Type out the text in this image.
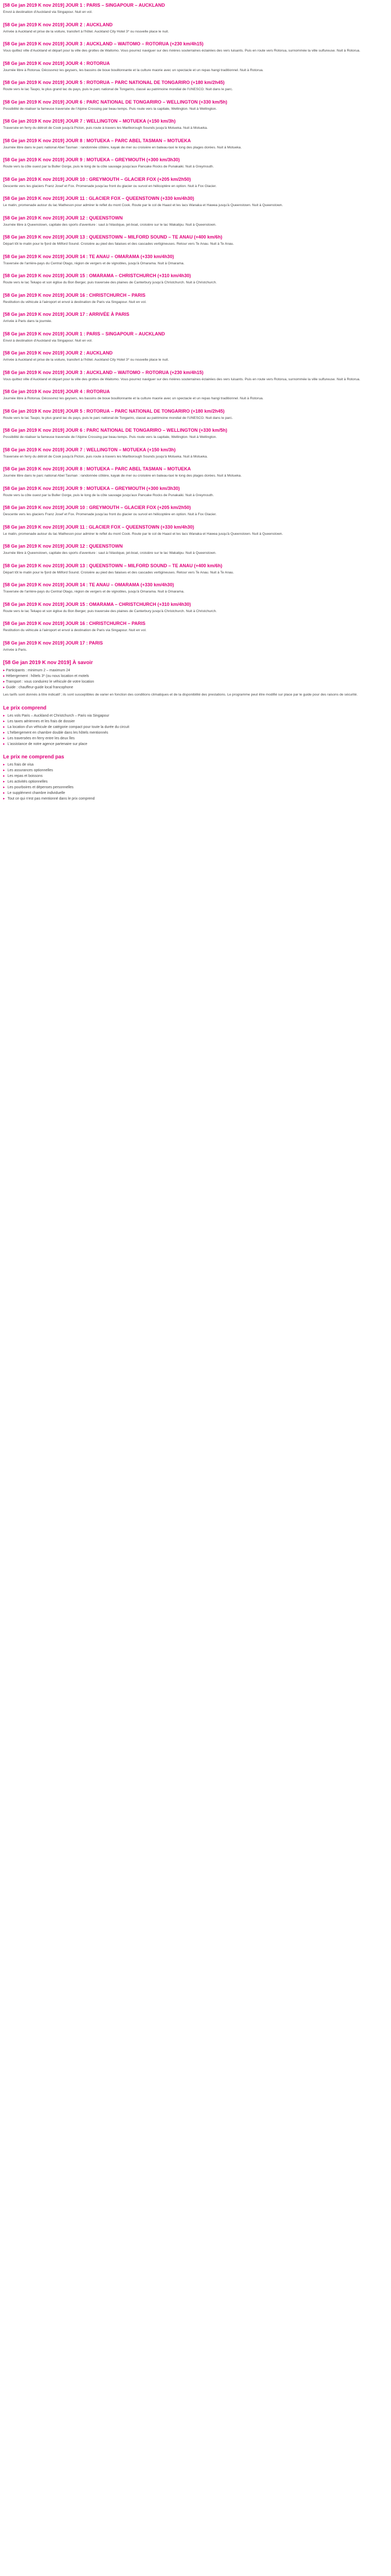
[58 Ge jan 2019 K nov 2019] JOUR 1 : PARIS – SINGAPOUR – AUCKLAND
Envol à destination d'Auckland via Singapour. Nuit en vol.
[58 Ge jan 2019 K nov 2019] JOUR 2 : AUCKLAND
Arrivée à Auckland et prise de la voiture, transfert à l'hôtel. Auckland City Hotel 3* ou nouvelle place le nuit.
[58 Ge jan 2019 K nov 2019] JOUR 3 : AUCKLAND – WAITOMO – ROTORUA (+230 km/4h15)
Vous quittez ville d'Auckland et départ pour la ville des grottes de Waitomo. Vous pourrez naviguer sur des rivières souterraines éclairées des vers luisants. Puis en route vers Rotorua, surnommée la ville sulfureuse. Nuit à Rotorua.
[58 Ge jan 2019 K nov 2019] JOUR 4 : ROTORUA
Journée libre à Rotorua. Découvrez les geysers, les bassins de boue bouillonnante et la culture maorie avec un spectacle et un repas hangi traditionnel. Nuit à Rotorua.
[58 Ge jan 2019 K nov 2019] JOUR 5 : ROTORUA – PARC NATIONAL DE TONGARIRO (+180 km/2h45)
Route vers le lac Taupo, le plus grand lac du pays, puis le parc national de Tongariro, classé au patrimoine mondial de l'UNESCO. Nuit dans le parc.
[58 Ge jan 2019 K nov 2019] JOUR 6 : PARC NATIONAL DE TONGARIRO – WELLINGTON (+330 km/5h)
Possibilité de réaliser la fameuse traversée de l'Alpine Crossing par beau temps. Puis route vers la capitale, Wellington. Nuit à Wellington.
[58 Ge jan 2019 K nov 2019] JOUR 7 : WELLINGTON – MOTUEKA (+150 km/3h)
Traversée en ferry du détroit de Cook jusqu'à Picton, puis route à travers les Marlborough Sounds jusqu'à Motueka. Nuit à Motueka.
[58 Ge jan 2019 K nov 2019] JOUR 8 : MOTUEKA – PARC ABEL TASMAN – MOTUEKA
Journée libre dans le parc national Abel Tasman : randonnée côtière, kayak de mer ou croisière en bateau-taxi le long des plages dorées. Nuit à Motueka.
[58 Ge jan 2019 K nov 2019] JOUR 9 : MOTUEKA – GREYMOUTH (+300 km/3h30)
Route vers la côte ouest par la Buller Gorge, puis le long de la côte sauvage jusqu'aux Pancake Rocks de Punakaiki. Nuit à Greymouth.
[58 Ge jan 2019 K nov 2019] JOUR 10 : GREYMOUTH – GLACIER FOX (+205 km/2h50)
Descente vers les glaciers Franz Josef et Fox. Promenade jusqu'au front du glacier ou survol en hélicoptère en option. Nuit à Fox Glacier.
[58 Ge jan 2019 K nov 2019] JOUR 11 : GLACIER FOX – QUEENSTOWN (+330 km/4h30)
Le matin, promenade autour du lac Matheson pour admirer le reflet du mont Cook. Route par le col de Haast et les lacs Wanaka et Hawea jusqu'à Queenstown. Nuit à Queenstown.
[58 Ge jan 2019 K nov 2019] JOUR 12 : QUEENSTOWN
Journée libre à Queenstown, capitale des sports d'aventure : saut à l'élastique, jet-boat, croisière sur le lac Wakatipu. Nuit à Queenstown.
[58 Ge jan 2019 K nov 2019] JOUR 13 : QUEENSTOWN – MILFORD SOUND – TE ANAU (+400 km/6h)
Départ tôt le matin pour le fjord de Milford Sound. Croisière au pied des falaises et des cascades vertigineuses. Retour vers Te Anau. Nuit à Te Anau.
[58 Ge jan 2019 K nov 2019] JOUR 14 : TE ANAU – OMARAMA (+330 km/4h30)
Traversée de l'arrière-pays du Central Otago, région de vergers et de vignobles, jusqu'à Omarama. Nuit à Omarama.
[58 Ge jan 2019 K nov 2019] JOUR 15 : OMARAMA – CHRISTCHURCH (+310 km/4h30)
Route vers le lac Tekapo et son église du Bon Berger, puis traversée des plaines de Canterbury jusqu'à Christchurch. Nuit à Christchurch.
[58 Ge jan 2019 K nov 2019] JOUR 16 : CHRISTCHURCH – PARIS
Restitution du véhicule à l'aéroport et envol à destination de Paris via Singapour. Nuit en vol.
[58 Ge jan 2019 K nov 2019] JOUR 17 : ARRIVÉE À PARIS
Arrivée à Paris dans la journée.
[58 Ge jan 2019 K nov 2019] JOUR 1 : PARIS – SINGAPOUR – AUCKLAND
Envol à destination d'Auckland via Singapour. Nuit en vol.
[58 Ge jan 2019 K nov 2019] JOUR 2 : AUCKLAND
Arrivée à Auckland et prise de la voiture, transfert à l'hôtel. Auckland City Hotel 3* ou nouvelle place le nuit.
[58 Ge jan 2019 K nov 2019] JOUR 3 : AUCKLAND – WAITOMO – ROTORUA (+230 km/4h15)
Vous quittez ville d'Auckland et départ pour la ville des grottes de Waitomo. Vous pourrez naviguer sur des rivières souterraines éclairées des vers luisants. Puis en route vers Rotorua, surnommée la ville sulfureuse. Nuit à Rotorua.
[58 Ge jan 2019 K nov 2019] JOUR 4 : ROTORUA
Journée libre à Rotorua. Découvrez les geysers, les bassins de boue bouillonnante et la culture maorie avec un spectacle et un repas hangi traditionnel. Nuit à Rotorua.
[58 Ge jan 2019 K nov 2019] JOUR 5 : ROTORUA – PARC NATIONAL DE TONGARIRO (+180 km/2h45)
Route vers le lac Taupo, le plus grand lac du pays, puis le parc national de Tongariro, classé au patrimoine mondial de l'UNESCO. Nuit dans le parc.
[58 Ge jan 2019 K nov 2019] JOUR 6 : PARC NATIONAL DE TONGARIRO – WELLINGTON (+330 km/5h)
Possibilité de réaliser la fameuse traversée de l'Alpine Crossing par beau temps. Puis route vers la capitale, Wellington. Nuit à Wellington.
[58 Ge jan 2019 K nov 2019] JOUR 7 : WELLINGTON – MOTUEKA (+150 km/3h)
Traversée en ferry du détroit de Cook jusqu'à Picton, puis route à travers les Marlborough Sounds jusqu'à Motueka. Nuit à Motueka.
[58 Ge jan 2019 K nov 2019] JOUR 8 : MOTUEKA – PARC ABEL TASMAN – MOTUEKA
Journée libre dans le parc national Abel Tasman : randonnée côtière, kayak de mer ou croisière en bateau-taxi le long des plages dorées. Nuit à Motueka.
[58 Ge jan 2019 K nov 2019] JOUR 9 : MOTUEKA – GREYMOUTH (+300 km/3h30)
Route vers la côte ouest par la Buller Gorge, puis le long de la côte sauvage jusqu'aux Pancake Rocks de Punakaiki. Nuit à Greymouth.
[58 Ge jan 2019 K nov 2019] JOUR 10 : GREYMOUTH – GLACIER FOX (+205 km/2h50)
Descente vers les glaciers Franz Josef et Fox. Promenade jusqu'au front du glacier ou survol en hélicoptère en option. Nuit à Fox Glacier.
[58 Ge jan 2019 K nov 2019] JOUR 11 : GLACIER FOX – QUEENSTOWN (+330 km/4h30)
Le matin, promenade autour du lac Matheson pour admirer le reflet du mont Cook. Route par le col de Haast et les lacs Wanaka et Hawea jusqu'à Queenstown. Nuit à Queenstown.
[58 Ge jan 2019 K nov 2019] JOUR 12 : QUEENSTOWN
Journée libre à Queenstown, capitale des sports d'aventure : saut à l'élastique, jet-boat, croisière sur le lac Wakatipu. Nuit à Queenstown.
[58 Ge jan 2019 K nov 2019] JOUR 13 : QUEENSTOWN – MILFORD SOUND – TE ANAU (+400 km/6h)
Départ tôt le matin pour le fjord de Milford Sound. Croisière au pied des falaises et des cascades vertigineuses. Retour vers Te Anau. Nuit à Te Anau.
[58 Ge jan 2019 K nov 2019] JOUR 14 : TE ANAU – OMARAMA (+330 km/4h30)
Traversée de l'arrière-pays du Central Otago, région de vergers et de vignobles, jusqu'à Omarama. Nuit à Omarama.
[58 Ge jan 2019 K nov 2019] JOUR 15 : OMARAMA – CHRISTCHURCH (+310 km/4h30)
Route vers le lac Tekapo et son église du Bon Berger, puis traversée des plaines de Canterbury jusqu'à Christchurch. Nuit à Christchurch.
[58 Ge jan 2019 K nov 2019] JOUR 16 : CHRISTCHURCH – PARIS
Restitution du véhicule à l'aéroport et envol à destination de Paris via Singapour. Nuit en vol.
[58 Ge jan 2019 K nov 2019] JOUR 17 : PARIS
Arrivée à Paris.
[58 Ge jan 2019 K nov 2019] À savoir
▸ Participants : minimum 2 – maximum 24
▸ Hébergement : hôtels 3* (ou nous location et motels
▸ Transport : vous conduirez le véhicule de votre location
▸ Guide : chauffeur-guide local francophone
Les tarifs sont donnés à titre indicatif ; ils sont susceptibles de varier en fonction des conditions climatiques et de la disponibilité des prestations. Le programme peut être modifié sur place par le guide pour des raisons de sécurité.
Le prix comprend
▸ Les vols Paris – Auckland et Christchurch – Paris via Singapour
▸ Les taxes aériennes et les frais de dossier
▸ La location d'un véhicule de catégorie compact pour toute la durée du circuit
▸ L'hébergement en chambre double dans les hôtels mentionnés
▸ Les traversées en ferry entre les deux îles
▸ L'assistance de notre agence partenaire sur place
Le prix ne comprend pas
▸ Les frais de visa
▸ Les assurances optionnelles
▸ Les repas et boissons
▸ Les activités optionnelles
▸ Les pourboires et dépenses personnelles
▸ Le supplément chambre individuelle
▸ Tout ce qui n'est pas mentionné dans le prix comprend
